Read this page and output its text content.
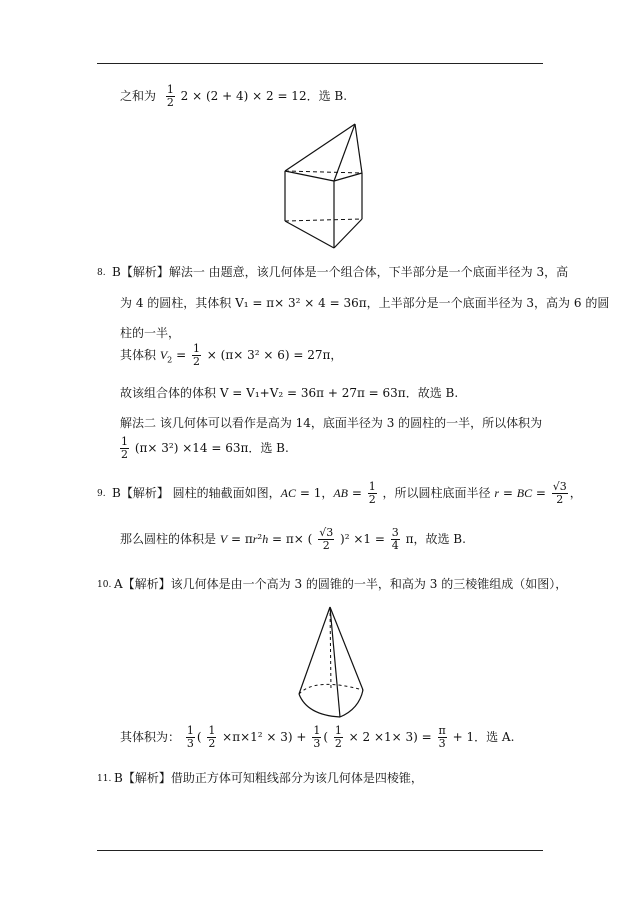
之和为 $\frac{1}{2} 2 \times (2 + 4) \times 2 = 12$．选 B.
8. B【解析】解法一 由题意，该几何体是一个组合体，下半部分是一个底面半径为 3，高
为 4 的圆柱，其体积 V₁ = π× 3² × 4 = 36π，上半部分是一个底面半径为 3，高为 6 的圆
柱的一半，
其体积 $V_2 = \frac{1}{2} \times (\pi\times 3^2 \times 6) = 27\pi$，
故该组合体的体积 V = V₁+V₂ = 36π + 27π = 63π．故选 B.
解法二 该几何体可以看作是高为 14，底面半径为 3 的圆柱的一半，所以体积为
$\frac{1}{2} (\pi\times 3^2) \times 14 = 63\pi$．选 B.
9. B【解析】 圆柱的轴截面如图，AC = 1，AB = $\frac{1}{2}$ ，所以圆柱底面半径 r = BC = $\frac{√3}{2}$ ，
那么圆柱的体积是 V = πr²h = π× ( $\frac{√3}{2} )^2 \times 1 = \frac{3}{4}$ π，故选 B.
10. A【解析】该几何体是由一个高为 3 的圆锥的一半，和高为 3 的三棱锥组成（如图），
其体积为： $\frac{1}{3}$ ( $\frac{1}{2} \times\pi\times 1^2 \times 3) + \frac{1}{3}$ ( $\frac{1}{2} \times 2 \times 1\times 3) = \frac{\pi}{3} + 1$．选 A.
11. B【解析】借助正方体可知粗线部分为该几何体是四棱锥，
